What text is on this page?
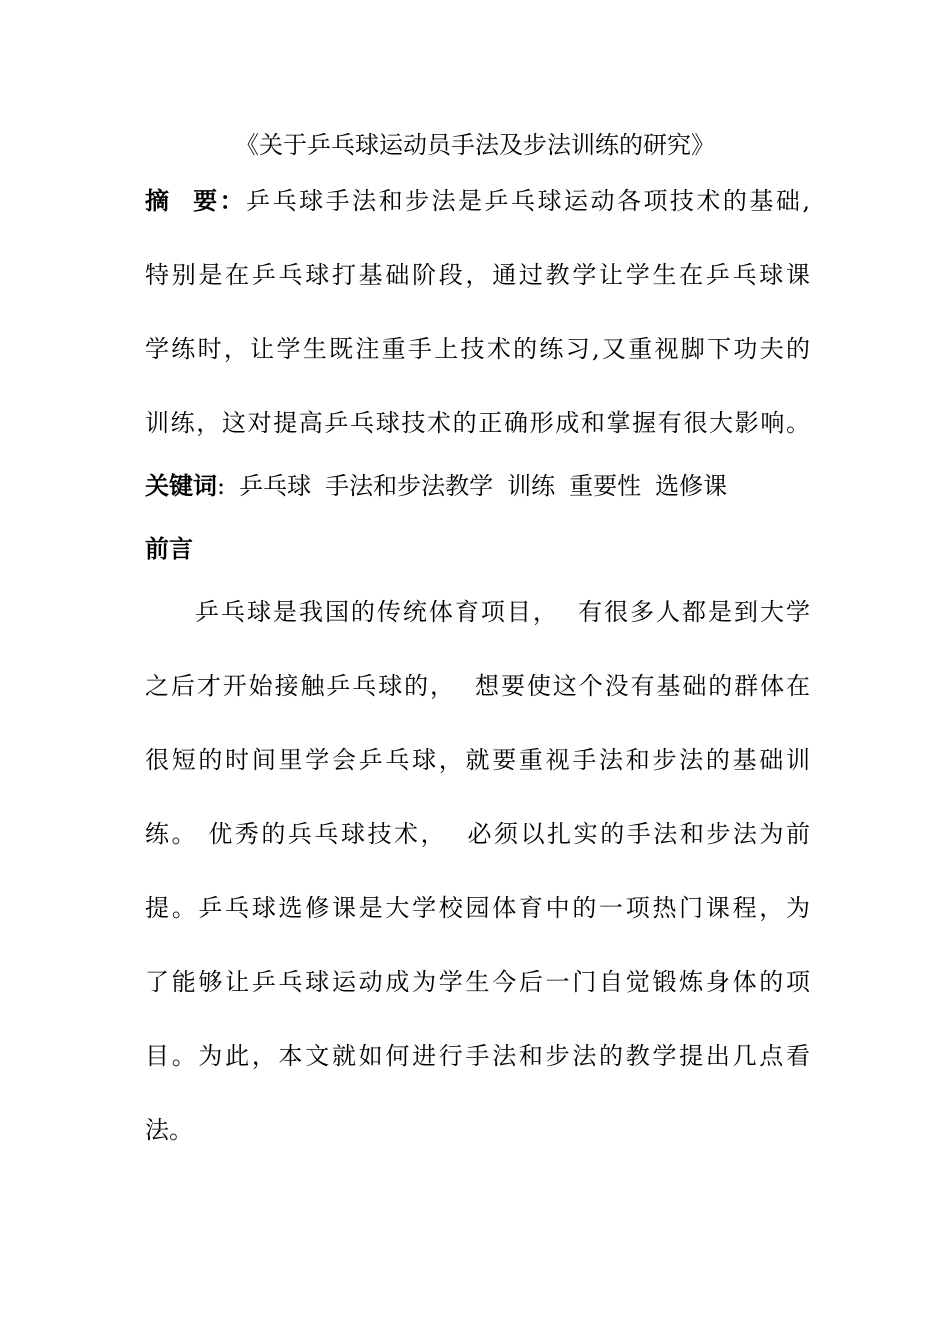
《关于乒乓球运动员手法及步法训练的研究》
摘  要：乒乓球手法和步法是乒乓球运动各项技术的基础,
特别是在乒乓球打基础阶段，通过教学让学生在乒乓球课
学练时，让学生既注重手上技术的练习,又重视脚下功夫的
训练，这对提高乒乓球技术的正确形成和掌握有很大影响。
关键词: 乒乓球 手法和步法教学 训练 重要性 选修课
前言
乒乓球是我国的传统体育项目，  有很多人都是到大学
之后才开始接触乒乓球的，  想要使这个没有基础的群体在
很短的时间里学会乒乓球，就要重视手法和步法的基础训
练。 优秀的兵乓球技术，  必须以扎实的手法和步法为前
提。乒乓球选修课是大学校园体育中的一项热门课程，为
了能够让乒乓球运动成为学生今后一门自觉锻炼身体的项
目。为此，本文就如何进行手法和步法的教学提出几点看
法。
